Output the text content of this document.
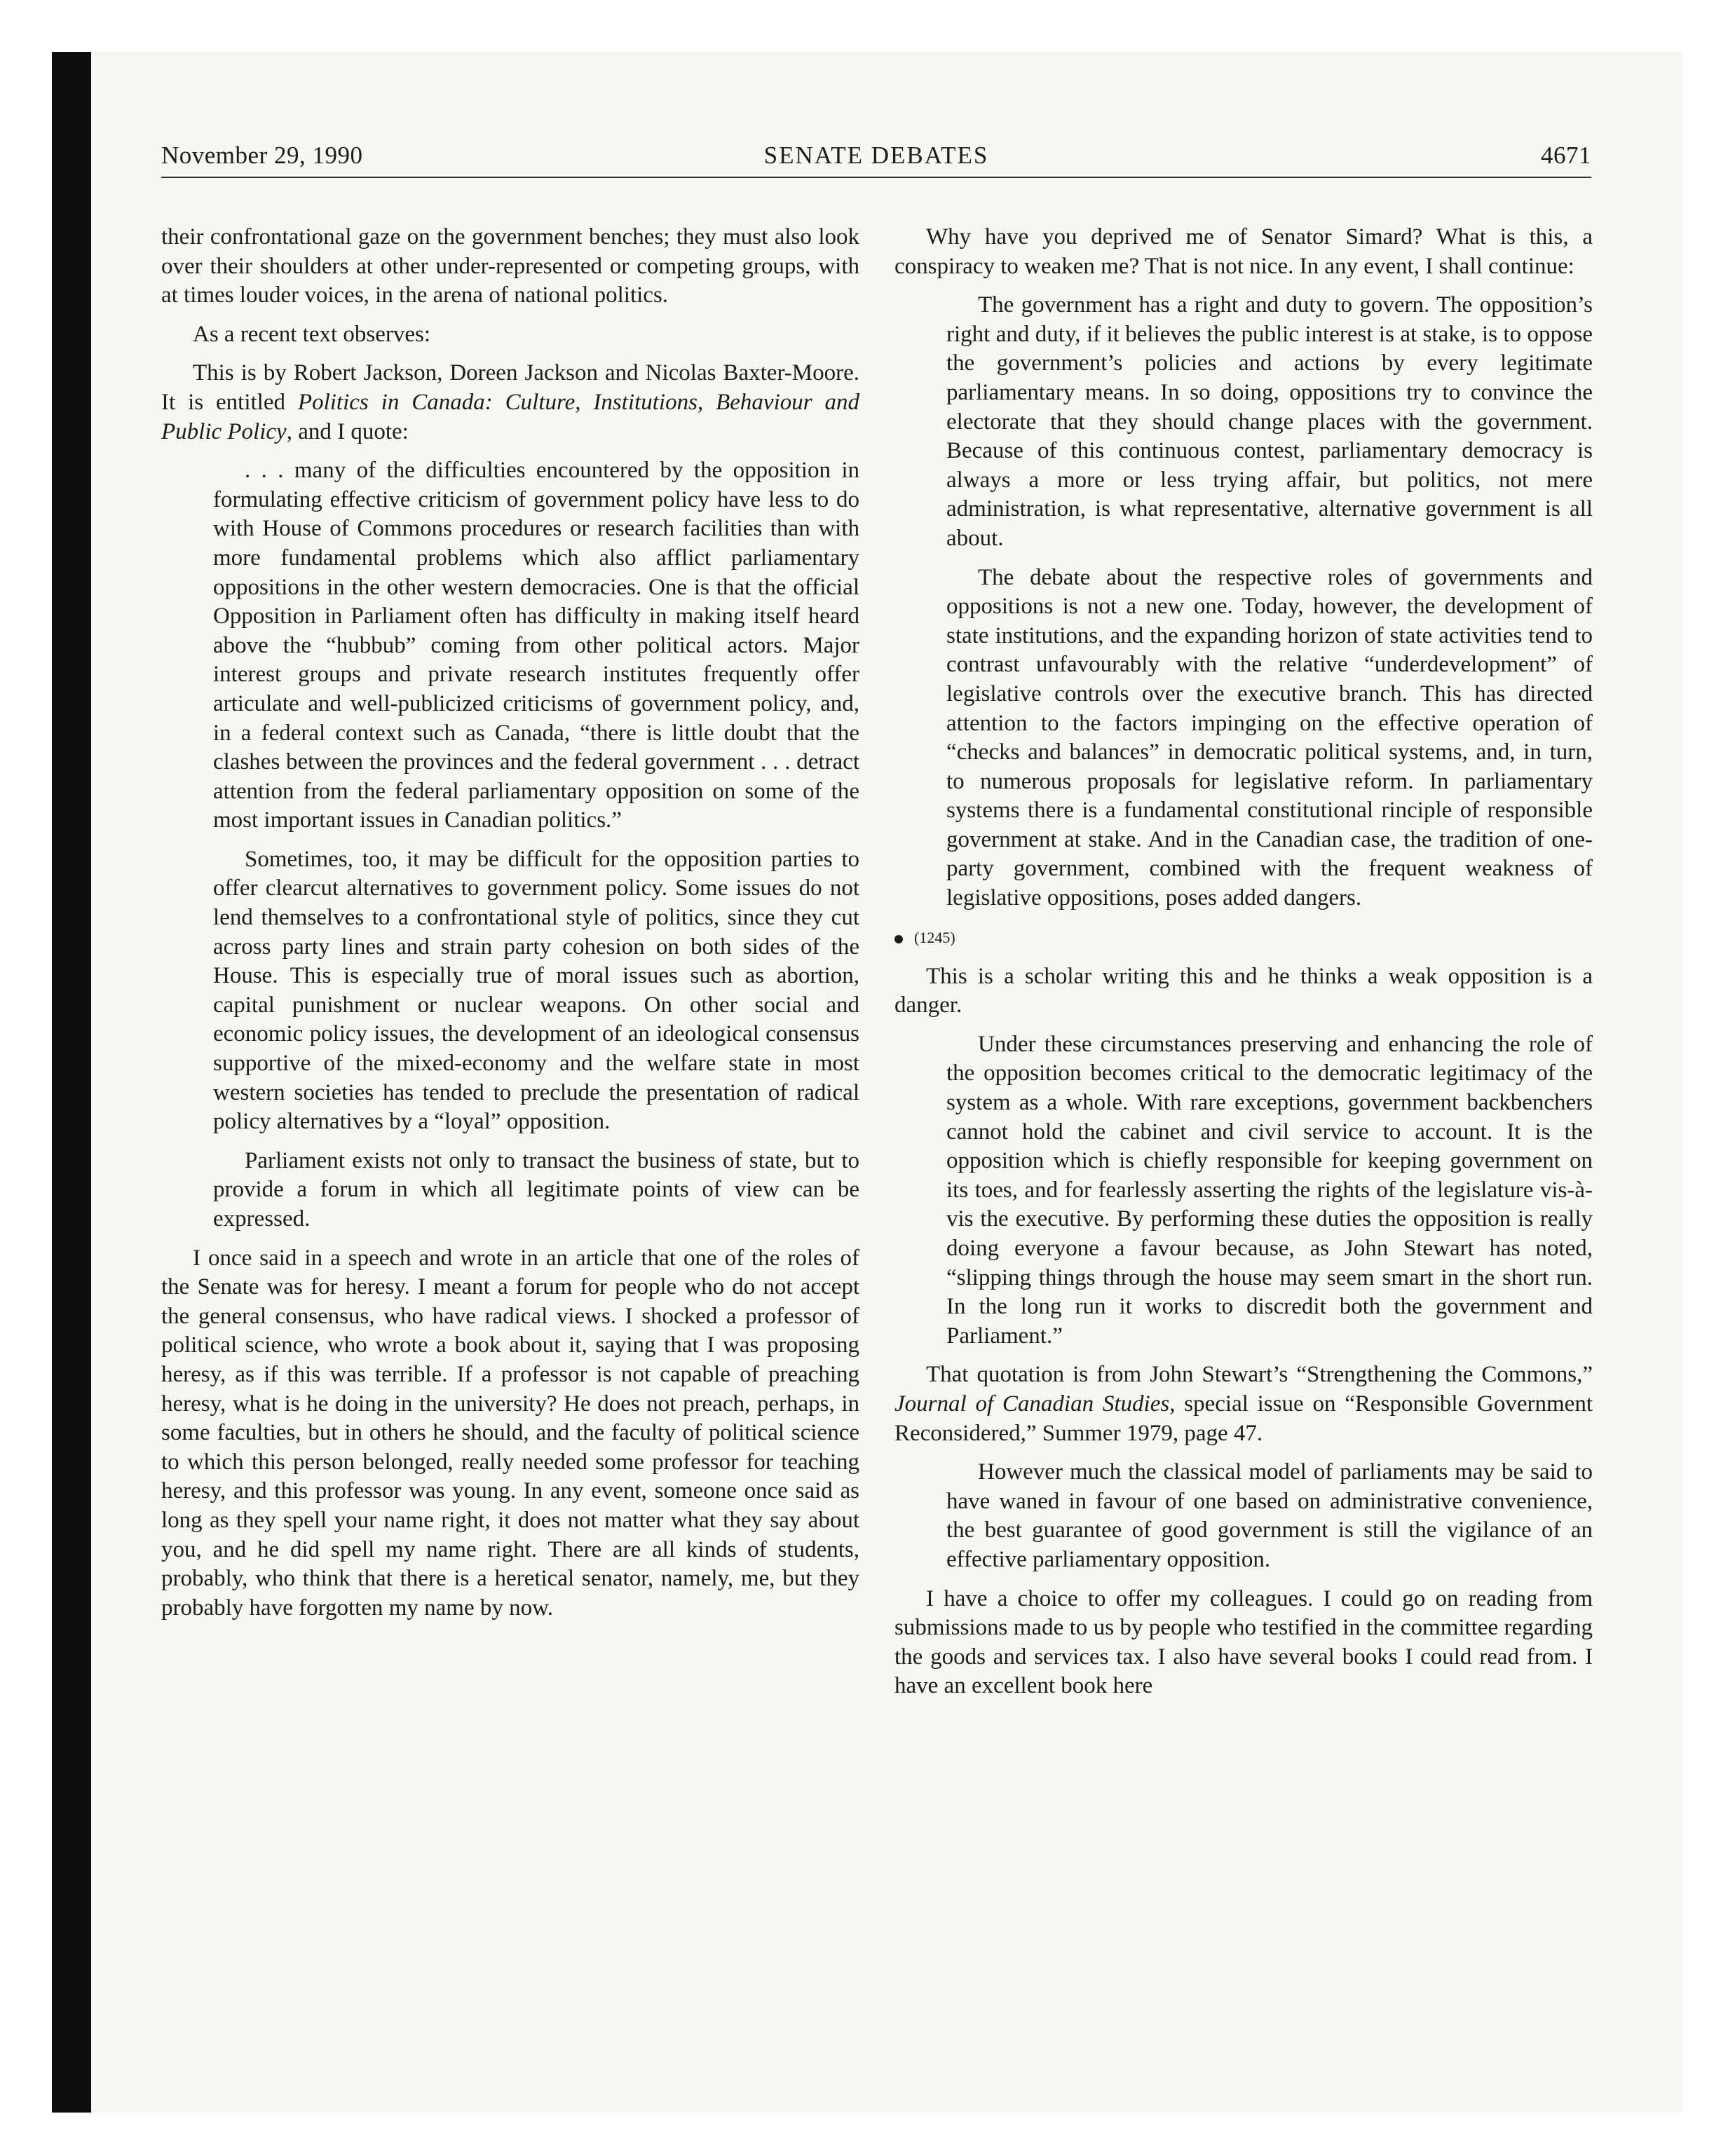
November 29, 1990	SENATE DEBATES	4671

their confrontational gaze on the government benches; they must also look over their shoulders at other under-represented or competing groups, with at times louder voices, in the arena of national politics.

As a recent text observes:

This is by Robert Jackson, Doreen Jackson and Nicolas Baxter-Moore. It is entitled Politics in Canada: Culture, Institutions, Behaviour and Public Policy, and I quote:

. . . many of the difficulties encountered by the opposition in formulating effective criticism of government policy have less to do with House of Commons procedures or research facilities than with more fundamental problems which also afflict parliamentary oppositions in the other western democracies. One is that the official Opposition in Parliament often has difficulty in making itself heard above the “hubbub” coming from other political actors. Major interest groups and private research institutes frequently offer articulate and well-publicized criticisms of government policy, and, in a federal context such as Canada, “there is little doubt that the clashes between the provinces and the federal government . . . detract attention from the federal parliamentary opposition on some of the most important issues in Canadian politics.”

Sometimes, too, it may be difficult for the opposition parties to offer clearcut alternatives to government policy. Some issues do not lend themselves to a confrontational style of politics, since they cut across party lines and strain party cohesion on both sides of the House. This is especially true of moral issues such as abortion, capital punishment or nuclear weapons. On other social and economic policy issues, the development of an ideological consensus supportive of the mixed-economy and the welfare state in most western societies has tended to preclude the presentation of radical policy alternatives by a “loyal” opposition.

Parliament exists not only to transact the business of state, but to provide a forum in which all legitimate points of view can be expressed.

I once said in a speech and wrote in an article that one of the roles of the Senate was for heresy. I meant a forum for people who do not accept the general consensus, who have radical views. I shocked a professor of political science, who wrote a book about it, saying that I was proposing heresy, as if this was terrible. If a professor is not capable of preaching heresy, what is he doing in the university? He does not preach, perhaps, in some faculties, but in others he should, and the faculty of political science to which this person belonged, really needed some professor for teaching heresy, and this professor was young. In any event, someone once said as long as they spell your name right, it does not matter what they say about you, and he did spell my name right. There are all kinds of students, probably, who think that there is a heretical senator, namely, me, but they probably have forgotten my name by now.

Why have you deprived me of Senator Simard? What is this, a conspiracy to weaken me? That is not nice. In any event, I shall continue:

The government has a right and duty to govern. The opposition’s right and duty, if it believes the public interest is at stake, is to oppose the government’s policies and actions by every legitimate parliamentary means. In so doing, oppositions try to convince the electorate that they should change places with the government. Because of this continuous contest, parliamentary democracy is always a more or less trying affair, but politics, not mere administration, is what representative, alternative government is all about.

The debate about the respective roles of governments and oppositions is not a new one. Today, however, the development of state institutions, and the expanding horizon of state activities tend to contrast unfavourably with the relative “underdevelopment” of legislative controls over the executive branch. This has directed attention to the factors impinging on the effective operation of “checks and balances” in democratic political systems, and, in turn, to numerous proposals for legislative reform. In parliamentary systems there is a fundamental constitutional rinciple of responsible government at stake. And in the Canadian case, the tradition of one-party government, combined with the frequent weakness of legislative oppositions, poses added dangers.

(1245)

This is a scholar writing this and he thinks a weak opposition is a danger.

Under these circumstances preserving and enhancing the role of the opposition becomes critical to the democratic legitimacy of the system as a whole. With rare exceptions, government backbenchers cannot hold the cabinet and civil service to account. It is the opposition which is chiefly responsible for keeping government on its toes, and for fearlessly asserting the rights of the legislature vis-à-vis the executive. By performing these duties the opposition is really doing everyone a favour because, as John Stewart has noted, “slipping things through the house may seem smart in the short run. In the long run it works to discredit both the government and Parliament.”

That quotation is from John Stewart’s “Strengthening the Commons,” Journal of Canadian Studies, special issue on “Responsible Government Reconsidered,” Summer 1979, page 47.

However much the classical model of parliaments may be said to have waned in favour of one based on administrative convenience, the best guarantee of good government is still the vigilance of an effective parliamentary opposition.

I have a choice to offer my colleagues. I could go on reading from submissions made to us by people who testified in the committee regarding the goods and services tax. I also have several books I could read from. I have an excellent book here
